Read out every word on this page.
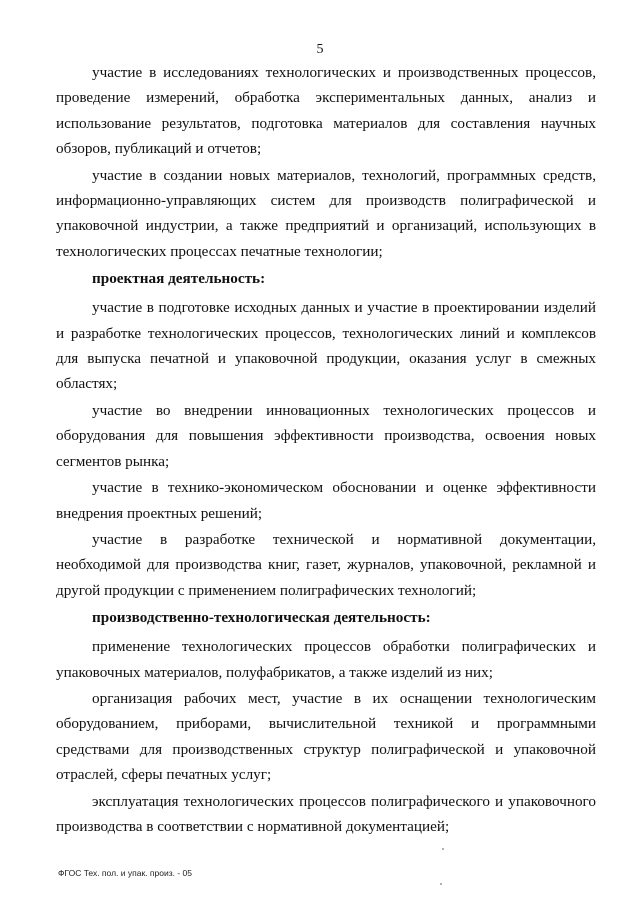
5

участие в исследованиях технологических и производственных процессов, проведение измерений, обработка экспериментальных данных, анализ и использование результатов, подготовка материалов для составления научных обзоров, публикаций и отчетов;

участие в создании новых материалов, технологий, программных средств, информационно-управляющих систем для производств полиграфической и упаковочной индустрии, а также предприятий и организаций, использующих в технологических процессах печатные технологии;

проектная деятельность:

участие в подготовке исходных данных и участие в проектировании изделий и разработке технологических процессов, технологических линий и комплексов для выпуска печатной и упаковочной продукции, оказания услуг в смежных областях;

участие во внедрении инновационных технологических процессов и оборудования для повышения эффективности производства, освоения новых сегментов рынка;

участие в технико-экономическом обосновании и оценке эффективности внедрения проектных решений;

участие в разработке технической и нормативной документации, необходимой для производства книг, газет, журналов, упаковочной, рекламной и другой продукции с применением полиграфических технологий;

производственно-технологическая деятельность:

применение технологических процессов обработки полиграфических и упаковочных материалов, полуфабрикатов, а также изделий из них;

организация рабочих мест, участие в их оснащении технологическим оборудованием, приборами, вычислительной техникой и программными средствами для производственных структур полиграфической и упаковочной отраслей, сферы печатных услуг;

эксплуатация технологических процессов полиграфического и упаковочного производства в соответствии с нормативной документацией;

ФГОС Тех. пол. и упак. произ. - 05
